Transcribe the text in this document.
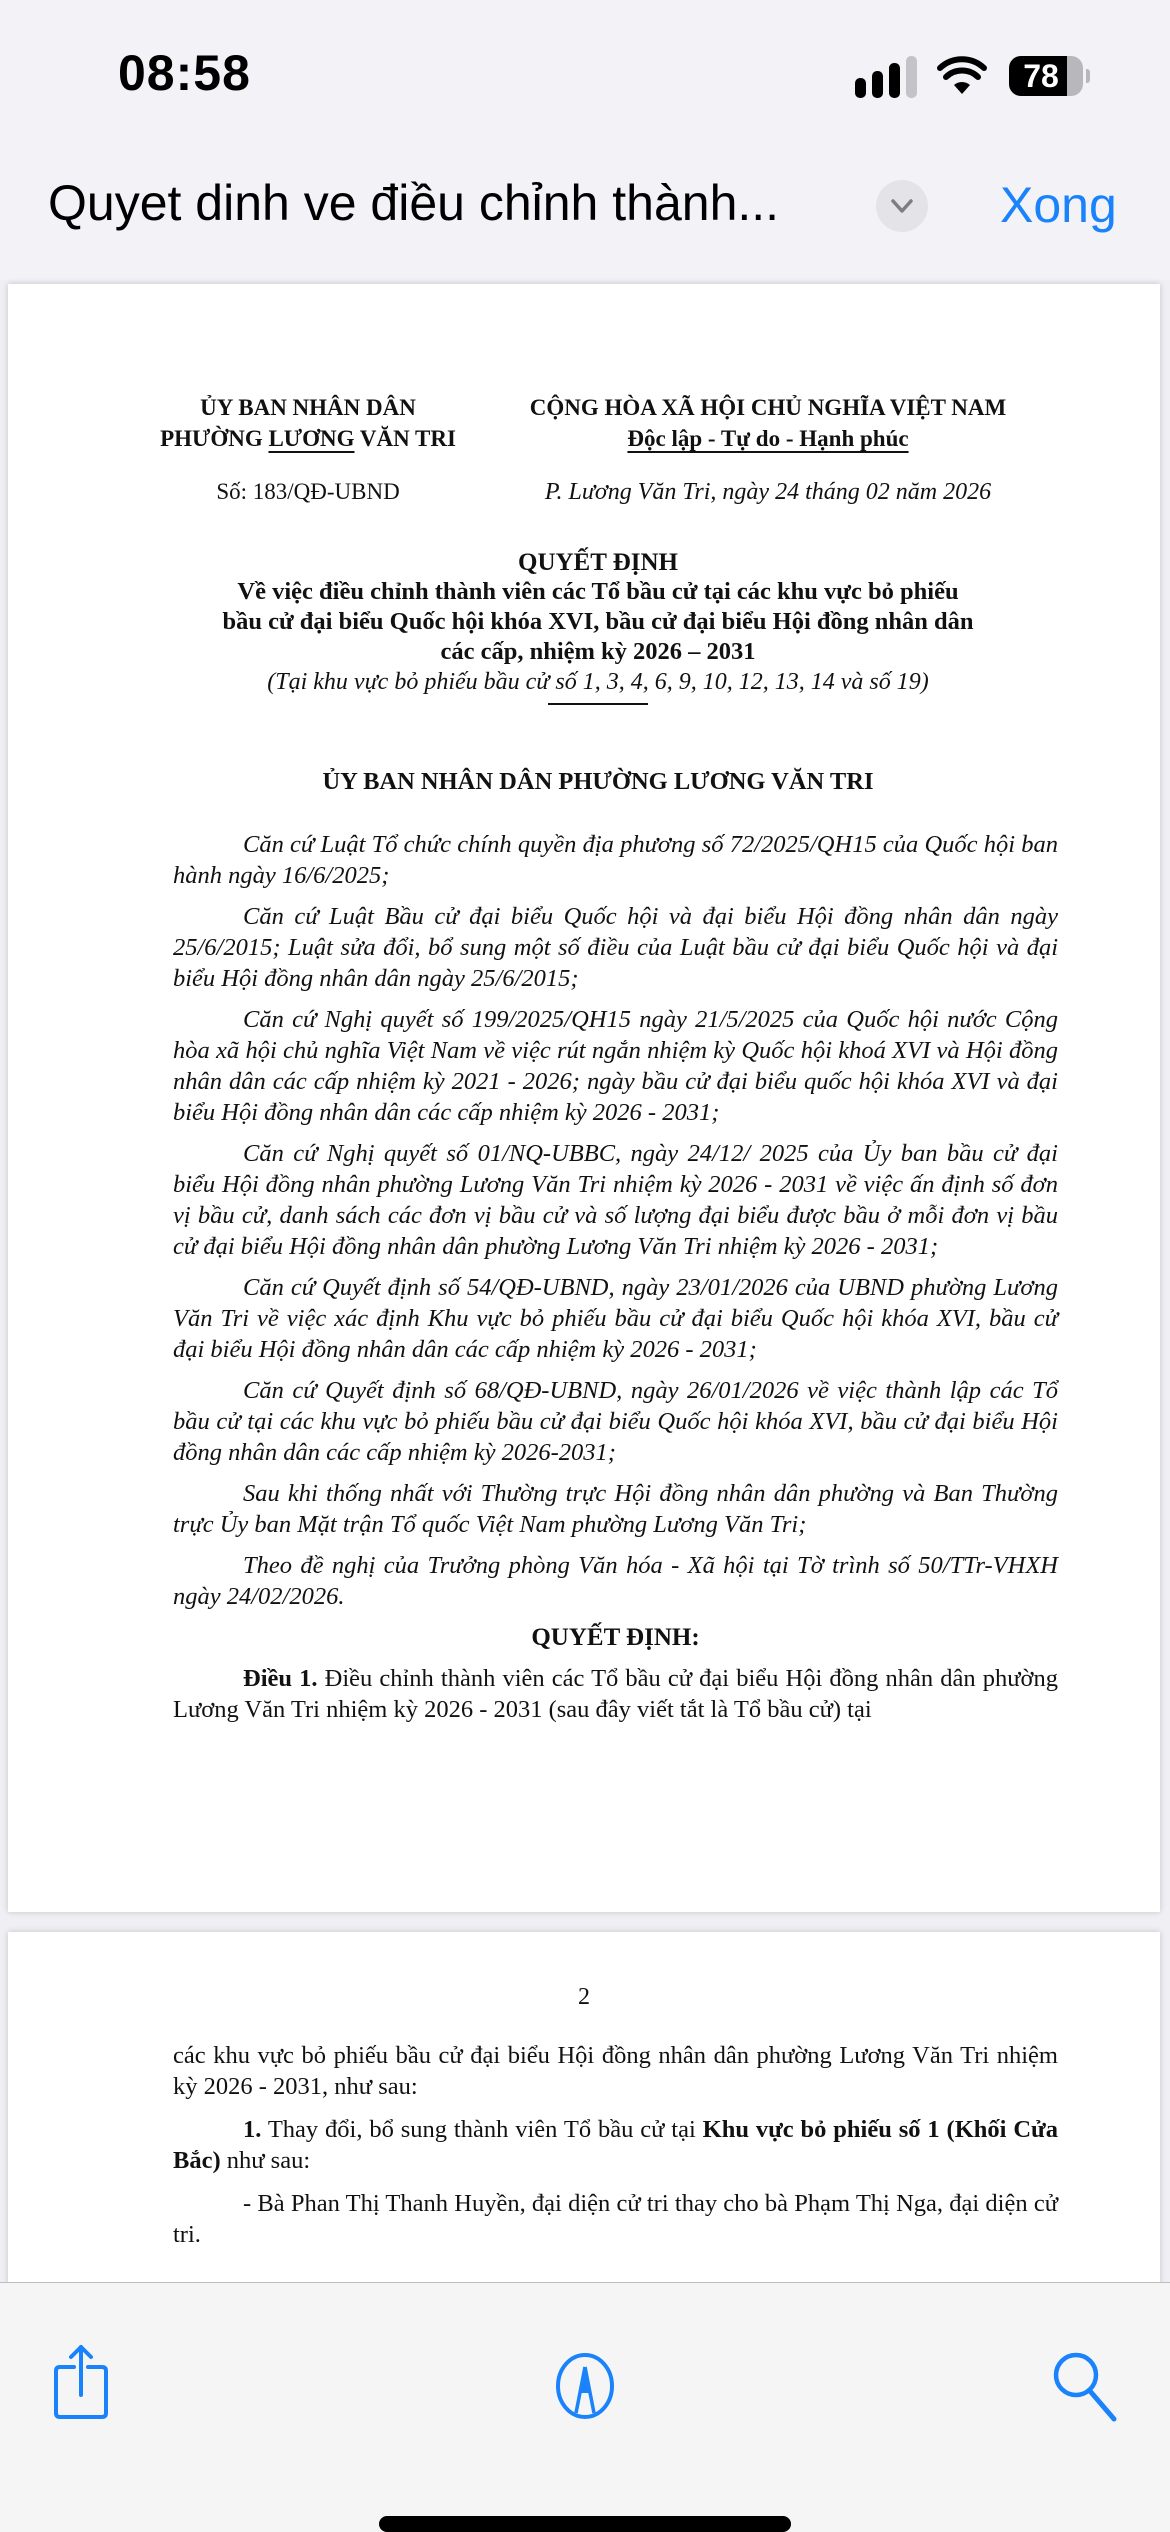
08:58	78
Quyet dinh ve điều chỉnh thành...	Xong
ỦY BAN NHÂN DÂN
PHƯỜNG LƯƠNG VĂN TRI
CỘNG HÒA XÃ HỘI CHỦ NGHĨA VIỆT NAM
Độc lập - Tự do - Hạnh phúc
Số: 183/QĐ-UBND	P. Lương Văn Tri, ngày 24 tháng 02 năm 2026
QUYẾT ĐỊNH
Về việc điều chỉnh thành viên các Tổ bầu cử tại các khu vực bỏ phiếu
bầu cử đại biểu Quốc hội khóa XVI, bầu cử đại biểu Hội đồng nhân dân
các cấp, nhiệm kỳ 2026 – 2031
(Tại khu vực bỏ phiếu bầu cử số 1, 3, 4, 6, 9, 10, 12, 13, 14 và số 19)
ỦY BAN NHÂN DÂN PHƯỜNG LƯƠNG VĂN TRI

Căn cứ Luật Tổ chức chính quyền địa phương số 72/2025/QH15 của Quốc hội ban hành ngày 16/6/2025;

Căn cứ Luật Bầu cử đại biểu Quốc hội và đại biểu Hội đồng nhân dân ngày 25/6/2015; Luật sửa đổi, bổ sung một số điều của Luật bầu cử đại biểu Quốc hội và đại biểu Hội đồng nhân dân ngày 25/6/2015;

Căn cứ Nghị quyết số 199/2025/QH15 ngày 21/5/2025 của Quốc hội nước Cộng hòa xã hội chủ nghĩa Việt Nam về việc rút ngắn nhiệm kỳ Quốc hội khoá XVI và Hội đồng nhân dân các cấp nhiệm kỳ 2021 - 2026; ngày bầu cử đại biểu quốc hội khóa XVI và đại biểu Hội đồng nhân dân các cấp nhiệm kỳ 2026 - 2031;

Căn cứ Nghị quyết số 01/NQ-UBBC, ngày 24/12/ 2025 của Ủy ban bầu cử đại biểu Hội đồng nhân phường Lương Văn Tri nhiệm kỳ 2026 - 2031 về việc ấn định số đơn vị bầu cử, danh sách các đơn vị bầu cử và số lượng đại biểu được bầu ở mỗi đơn vị bầu cử đại biểu Hội đồng nhân dân phường Lương Văn Tri nhiệm kỳ 2026 - 2031;

Căn cứ Quyết định số 54/QĐ-UBND, ngày 23/01/2026 của UBND phường Lương Văn Tri về việc xác định Khu vực bỏ phiếu bầu cử đại biểu Quốc hội khóa XVI, bầu cử đại biểu Hội đồng nhân dân các cấp nhiệm kỳ 2026 - 2031;

Căn cứ Quyết định số 68/QĐ-UBND, ngày 26/01/2026 về việc thành lập các Tổ bầu cử tại các khu vực bỏ phiếu bầu cử đại biểu Quốc hội khóa XVI, bầu cử đại biểu Hội đồng nhân dân các cấp nhiệm kỳ 2026-2031;

Sau khi thống nhất với Thường trực Hội đồng nhân dân phường và Ban Thường trực Ủy ban Mặt trận Tổ quốc Việt Nam phường Lương Văn Tri;

Theo đề nghị của Trưởng phòng Văn hóa - Xã hội tại Tờ trình số 50/TTr-VHXH ngày 24/02/2026.

QUYẾT ĐỊNH:

Điều 1. Điều chỉnh thành viên các Tổ bầu cử đại biểu Hội đồng nhân dân phường Lương Văn Tri nhiệm kỳ 2026 - 2031 (sau đây viết tắt là Tổ bầu cử) tại

2

các khu vực bỏ phiếu bầu cử đại biểu Hội đồng nhân dân phường Lương Văn Tri nhiệm kỳ 2026 - 2031, như sau:

1. Thay đổi, bổ sung thành viên Tổ bầu cử tại Khu vực bỏ phiếu số 1 (Khối Cửa Bắc) như sau:

- Bà Phan Thị Thanh Huyền, đại diện cử tri thay cho bà Phạm Thị Nga, đại diện cử tri.
